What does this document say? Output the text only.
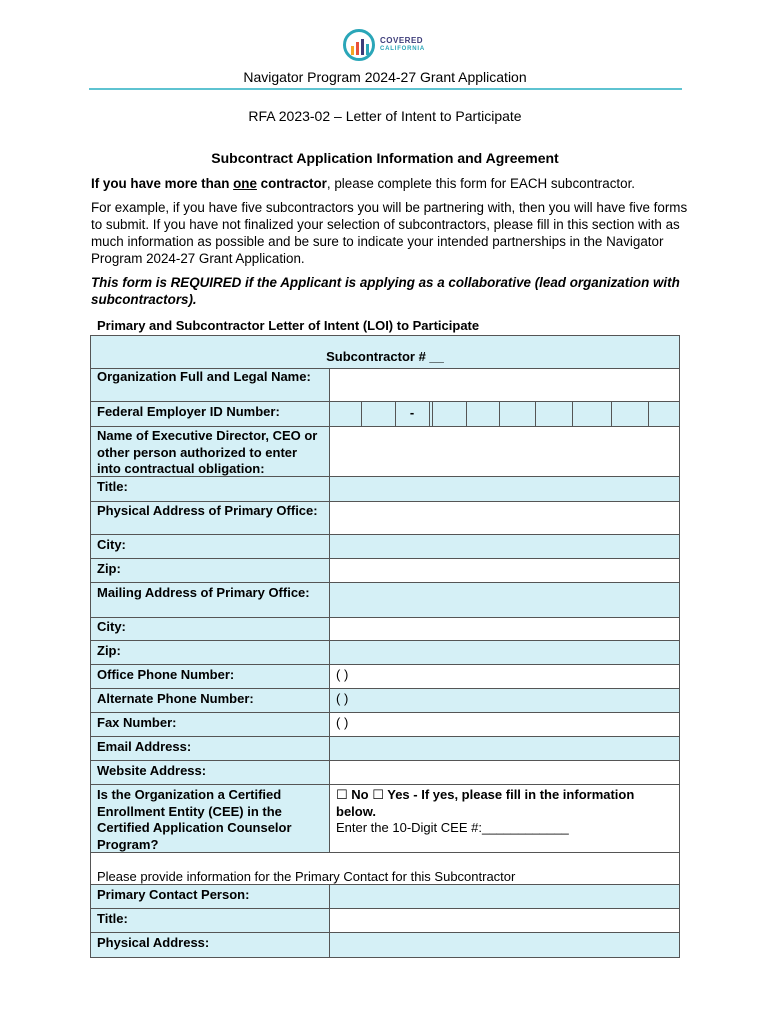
COVERED
CALIFORNIA
Navigator Program 2024-27 Grant Application
RFA 2023-02 – Letter of Intent to Participate
Subcontract Application Information and Agreement
If you have more than one contractor, please complete this form for EACH subcontractor.
For example, if you have five subcontractors you will be partnering with, then you will have five forms to submit. If you have not finalized your selection of subcontractors, please fill in this section with as much information as possible and be sure to indicate your intended partnerships in the Navigator Program 2024-27 Grant Application.
This form is REQUIRED if the Applicant is applying as a collaborative (lead organization with subcontractors).
Primary and Subcontractor Letter of Intent (LOI) to Participate
Subcontractor # __
Organization Full and Legal Name:
Federal Employer ID Number:
Name of Executive Director, CEO or other person authorized to enter into contractual obligation:
Title:
Physical Address of Primary Office:
City:
Zip:
Mailing Address of Primary Office:
City:
Zip:
Office Phone Number:
Alternate Phone Number:
Fax Number:
Email Address:
Website Address:
Is the Organization a Certified Enrollment Entity (CEE) in the Certified Application Counselor Program?
Please provide information for the Primary Contact for this Subcontractor
Primary Contact Person:
Title:
Physical Address:
( )
( )
( )
☐ No ☐ Yes - If yes, please fill in the information below.
Enter the 10-Digit CEE #:____________
-
